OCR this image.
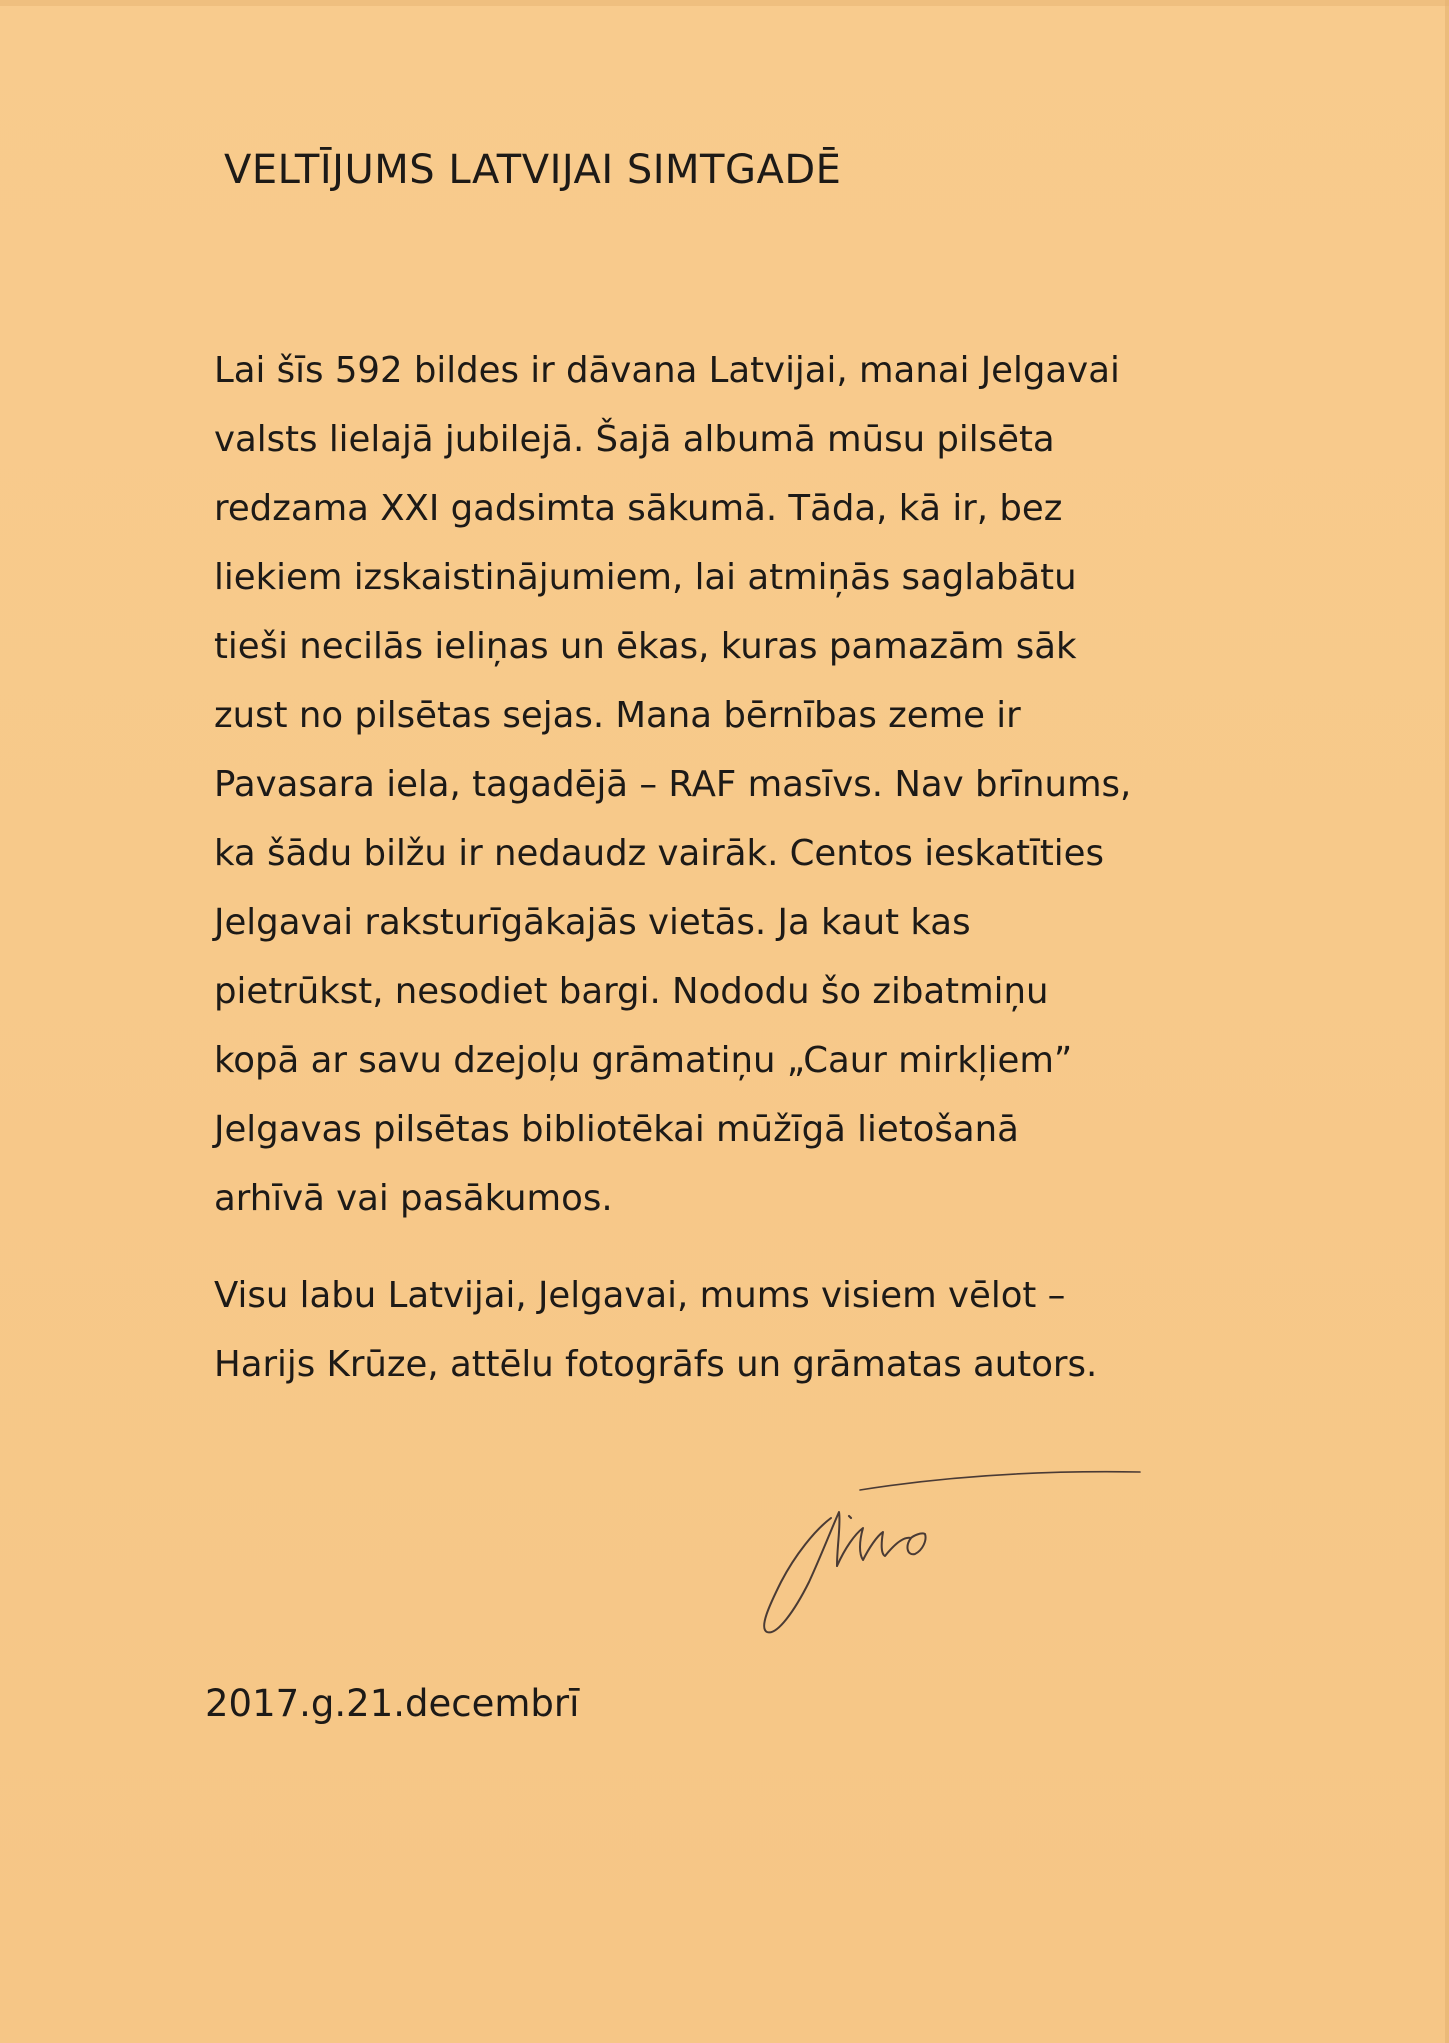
VELTĪJUMS LATVIJAI SIMTGADĒ

Lai šīs 592 bildes ir dāvana Latvijai, manai Jelgavai
valsts lielajā jubilejā. Šajā albumā mūsu pilsēta
redzama XXI gadsimta sākumā. Tāda, kā ir, bez
liekiem izskaistinājumiem, lai atmiņās saglabātu
tieši necilās ieliņas un ēkas, kuras pamazām sāk
zust no pilsētas sejas. Mana bērnības zeme ir
Pavasara iela, tagadējā – RAF masīvs. Nav brīnums,
ka šādu bilžu ir nedaudz vairāk. Centos ieskatīties
Jelgavai raksturīgākajās vietās. Ja kaut kas
pietrūkst, nesodiet bargi. Nododu šo zibatmiņu
kopā ar savu dzejoļu grāmatiņu „Caur mirkļiem”
Jelgavas pilsētas bibliotēkai mūžīgā lietošanā
arhīvā vai pasākumos.

Visu labu Latvijai, Jelgavai, mums visiem vēlot –
Harijs Krūze, attēlu fotogrāfs un grāmatas autors.

2017.g.21.decembrī
